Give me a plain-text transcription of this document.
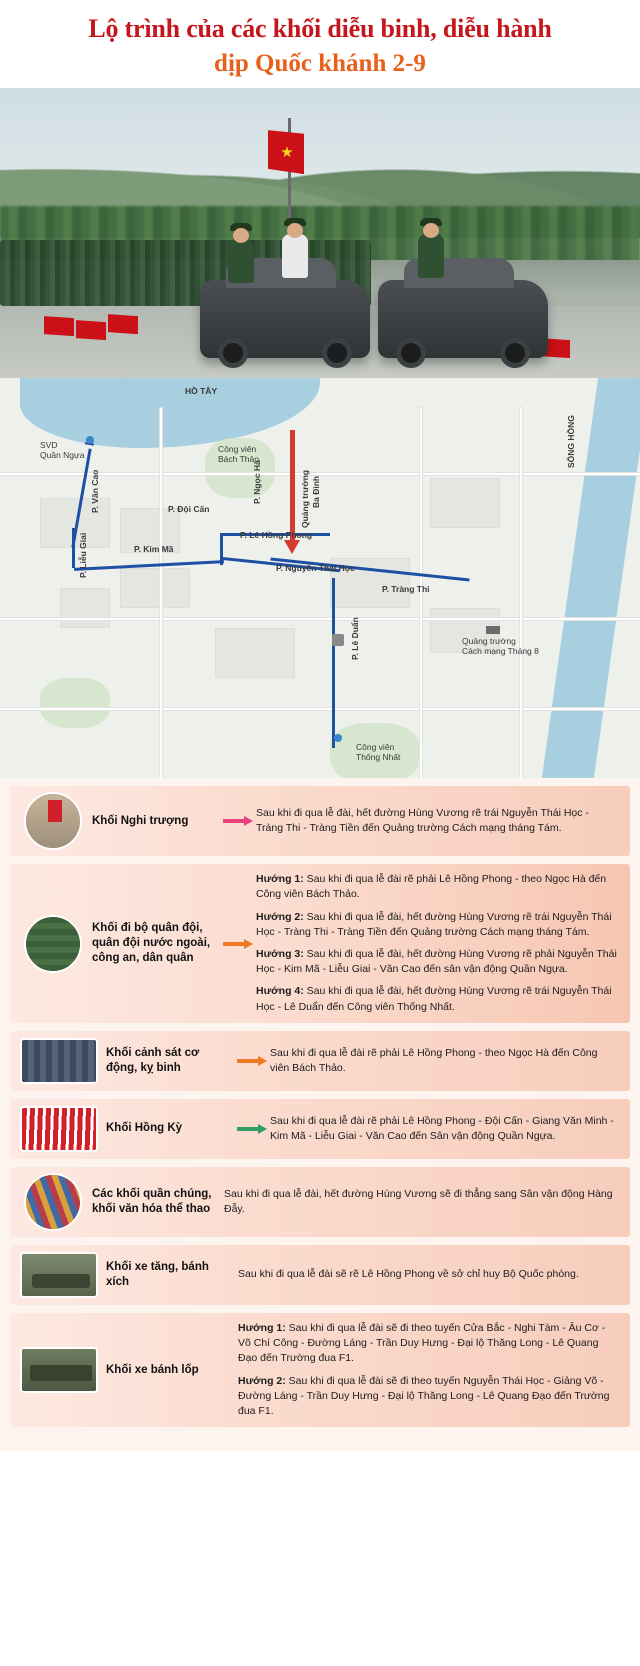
Lộ trình của các khối diễu binh, diễu hành
dịp Quốc khánh 2-9
HỒ TÂY
SVD
Quần Ngựa
Công viên
Bách Thảo
P. Văn Cao
P. Liễu Giai
P. Đội Cấn
P. Kim Mã
P. Ngọc Hà	Quảng trường Ba Đình
P. Lê Hồng Phong
P. Nguyễn Thái Học
P. Tràng Thi
P. Lê Duẩn
SÔNG HỒNG
Quảng trường
Cách mạng Tháng 8
Công viên
Thống Nhất
Khối Nghi trượng

Sau khi đi qua lễ đài, hết đường Hùng Vương rẽ trái Nguyễn Thái Học - Tràng Thi - Tràng Tiền đến Quảng trường Cách mạng tháng Tám.

Khối đi bộ quân đội, quân đội nước ngoài, công an, dân quân

Hướng 1: Sau khi đi qua lễ đài rẽ phải Lê Hồng Phong - theo Ngọc Hà đến Công viên Bách Thảo.

Hướng 2: Sau khi đi qua lễ đài, hết đường Hùng Vương rẽ trái Nguyễn Thái Học - Tràng Thi - Tràng Tiền đến Quảng trường Cách mạng tháng Tám.

Hướng 3: Sau khi đi qua lễ đài, hết đường Hùng Vương rẽ phải Nguyễn Thái Học - Kim Mã - Liễu Giai - Văn Cao đến sân vận động Quần Ngựa.

Hướng 4: Sau khi đi qua lễ đài, hết đường Hùng Vương rẽ trái Nguyễn Thái Học - Lê Duẩn đến Công viên Thống Nhất.

Khối cảnh sát cơ động, kỵ binh

Sau khi đi qua lễ đài rẽ phải Lê Hồng Phong - theo Ngọc Hà đến Công viên Bách Thảo.

Khối Hồng Kỳ

Sau khi đi qua lễ đài rẽ phải Lê Hồng Phong - Đội Cấn - Giang Văn Minh - Kim Mã - Liễu Giai - Văn Cao đến Sân vận động Quần Ngựa.

Các khối quần chúng, khối văn hóa thể thao

Sau khi đi qua lễ đài, hết đường Hùng Vương sẽ đi thẳng sang Sân vận động Hàng Đẫy.

Khối xe tăng, bánh xích

Sau khi đi qua lễ đài sẽ rẽ Lê Hồng Phong về sở chỉ huy Bộ Quốc phòng.

Khối xe bánh lốp

Hướng 1: Sau khi đi qua lễ đài sẽ đi theo tuyến Cửa Bắc - Nghi Tàm - Âu Cơ - Võ Chí Công - Đường Láng - Trần Duy Hưng - Đại lộ Thăng Long - Lê Quang Đạo đến Trường đua F1.

Hướng 2: Sau khi đi qua lễ đài sẽ đi theo tuyến Nguyễn Thái Học - Giảng Võ - Đường Láng - Trần Duy Hưng - Đại lộ Thăng Long - Lê Quang Đạo đến Trường đua F1.
